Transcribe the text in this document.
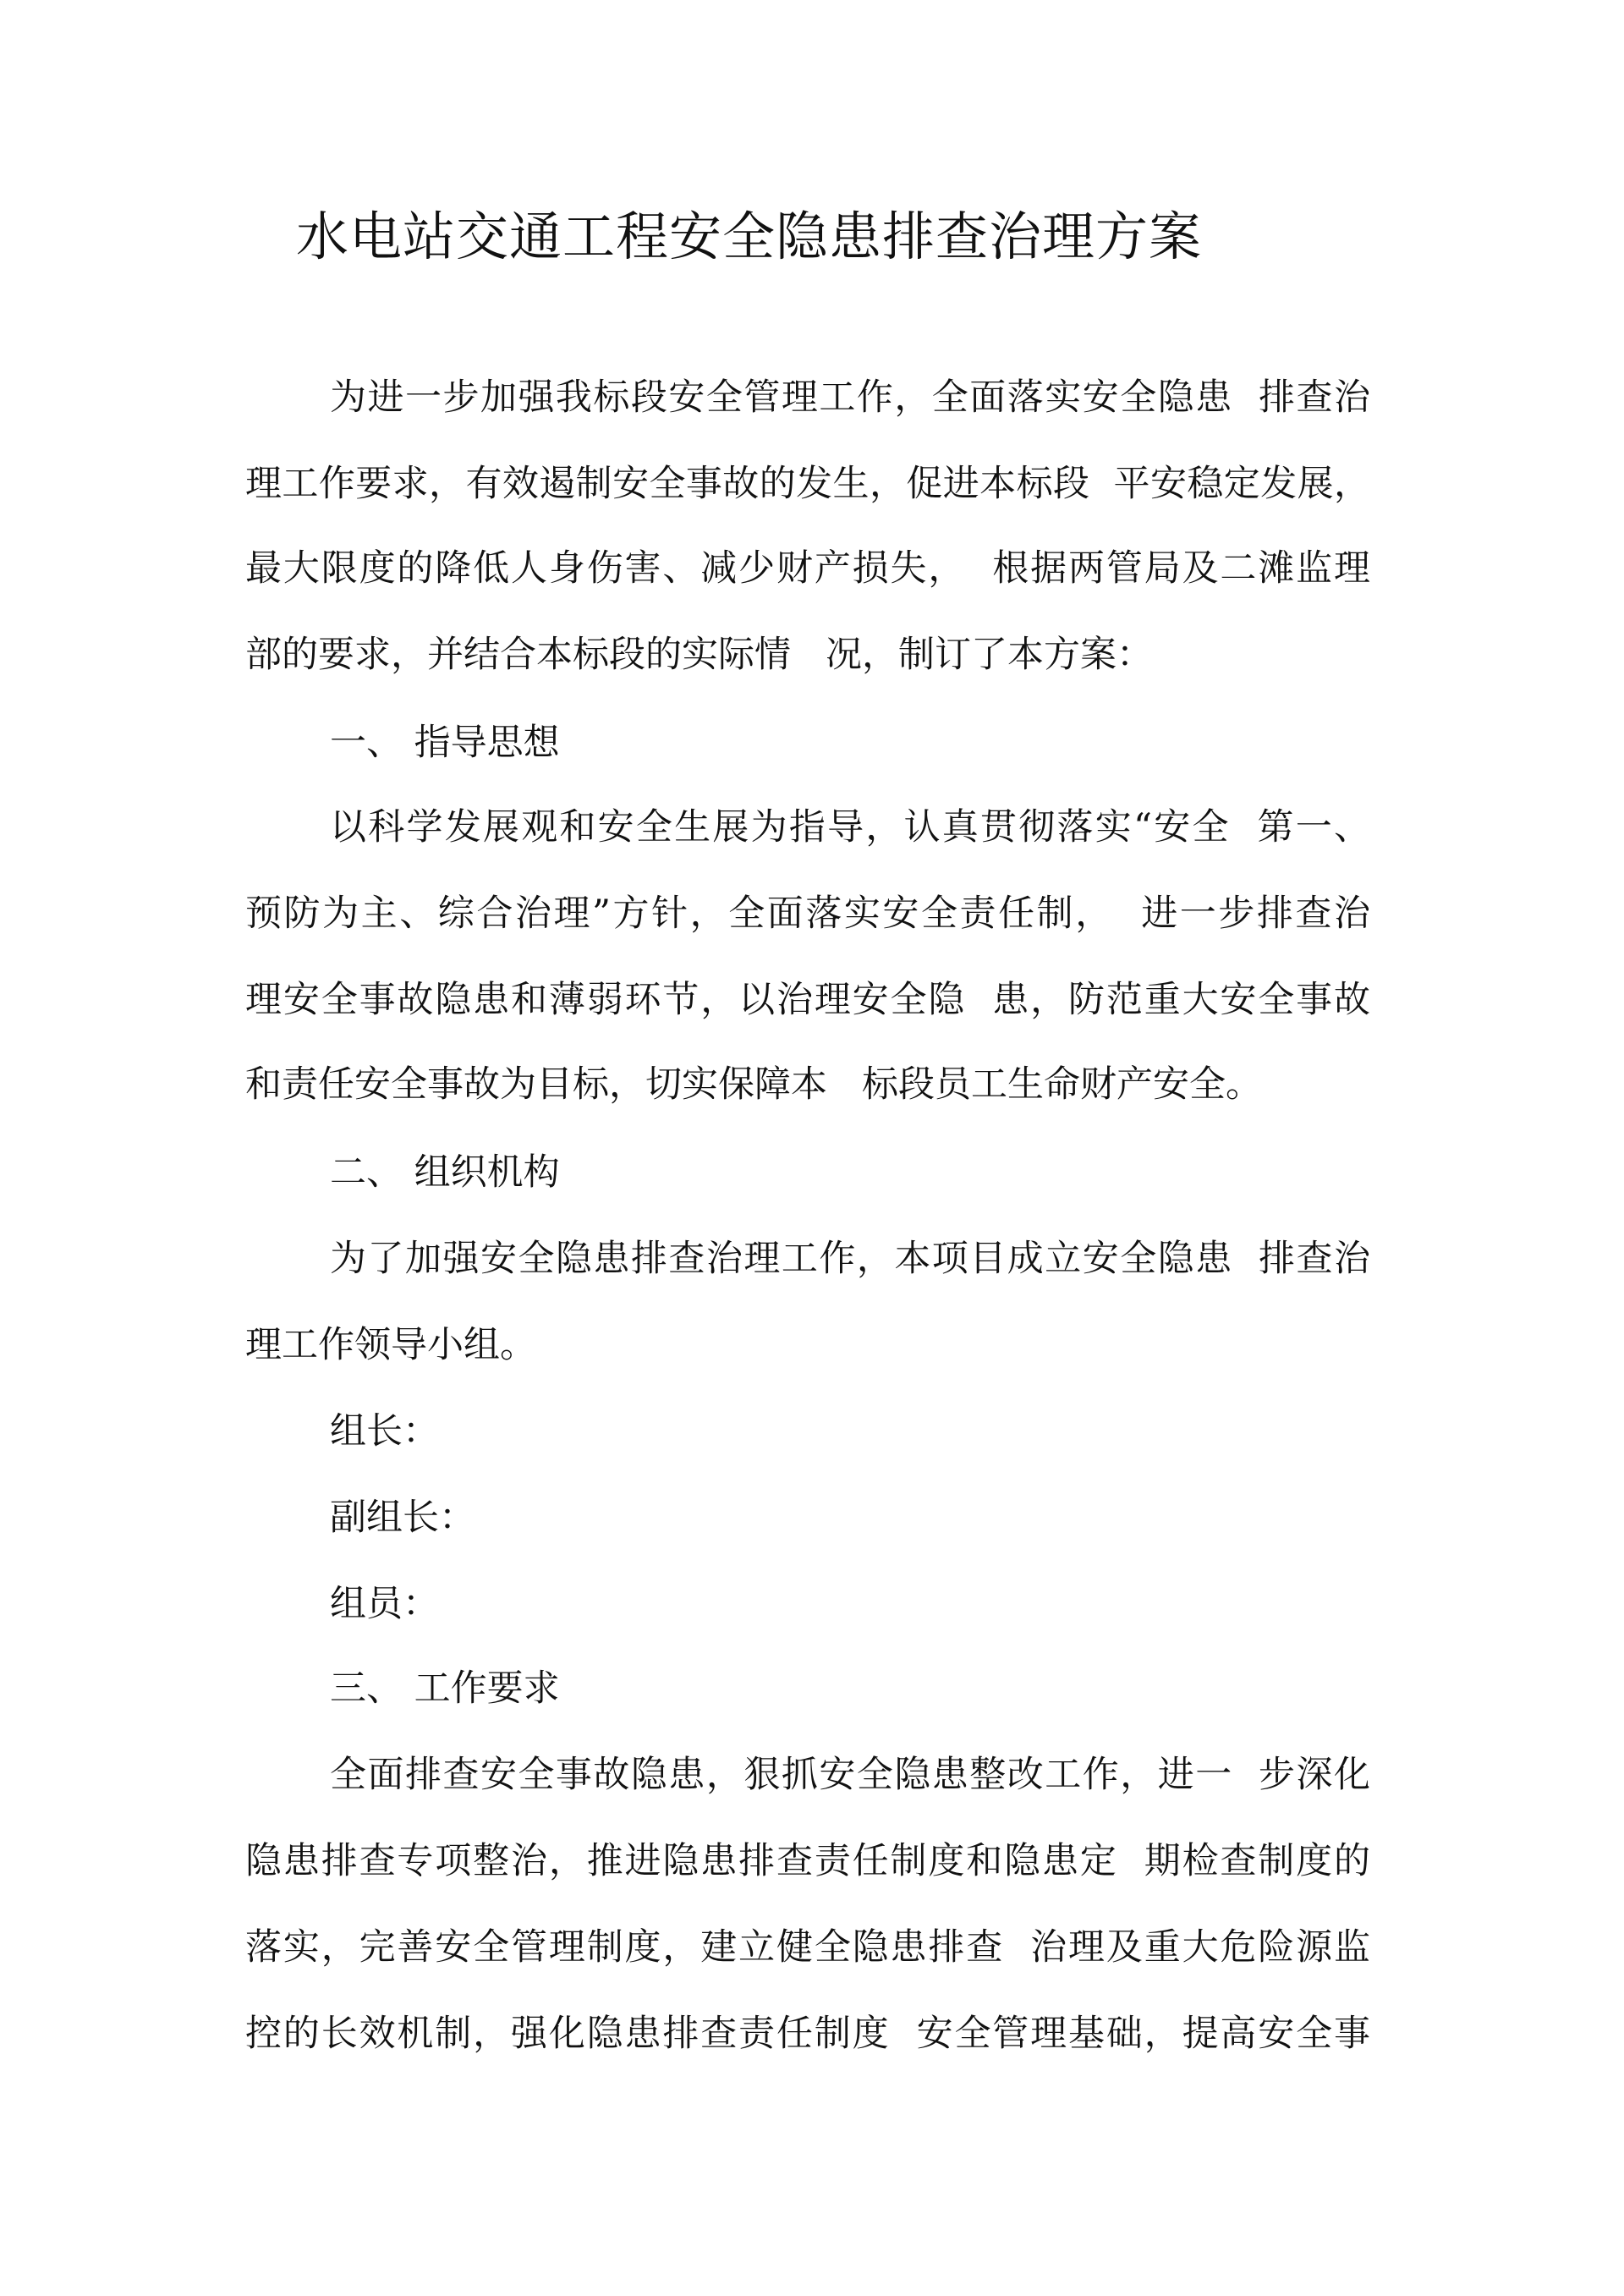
水电站交通工程安全隐患排查治理方案

为进一步加强我标段安全管理工作，全面落实安全隐患  排查治

理工作要求，有效遏制安全事故的发生，促进本标段  平安稳定发展，

最大限度的降低人身伤害、减少财产损失，  根据两管局及二滩监理

部的要求，并结合本标段的实际情   况，制订了本方案：

一、 指导思想

以科学发展观和安全生展为指导，认真贯彻落实“安全  第一、

预防为主、综合治理”方针，全面落实安全责任制，  进一步排查治

理安全事故隐患和薄弱环节，以治理安全隐  患，防范重大安全事故

和责任安全事故为目标，切实保障本   标段员工生命财产安全。

二、 组织机构

为了加强安全隐患排查治理工作，本项目成立安全隐患  排查治

理工作领导小组。

组长：

副组长：

组员：

三、 工作要求

全面排查安全事故隐患，狠抓安全隐患整改工作，进一  步深化

隐患排查专项整治，推进隐患排查责任制度和隐患定  期检查制度的

落实，完善安全管理制度，建立健全隐患排查  治理及重大危险源监

控的长效机制，强化隐患排查责任制度  安全管理基础，提高安全事
